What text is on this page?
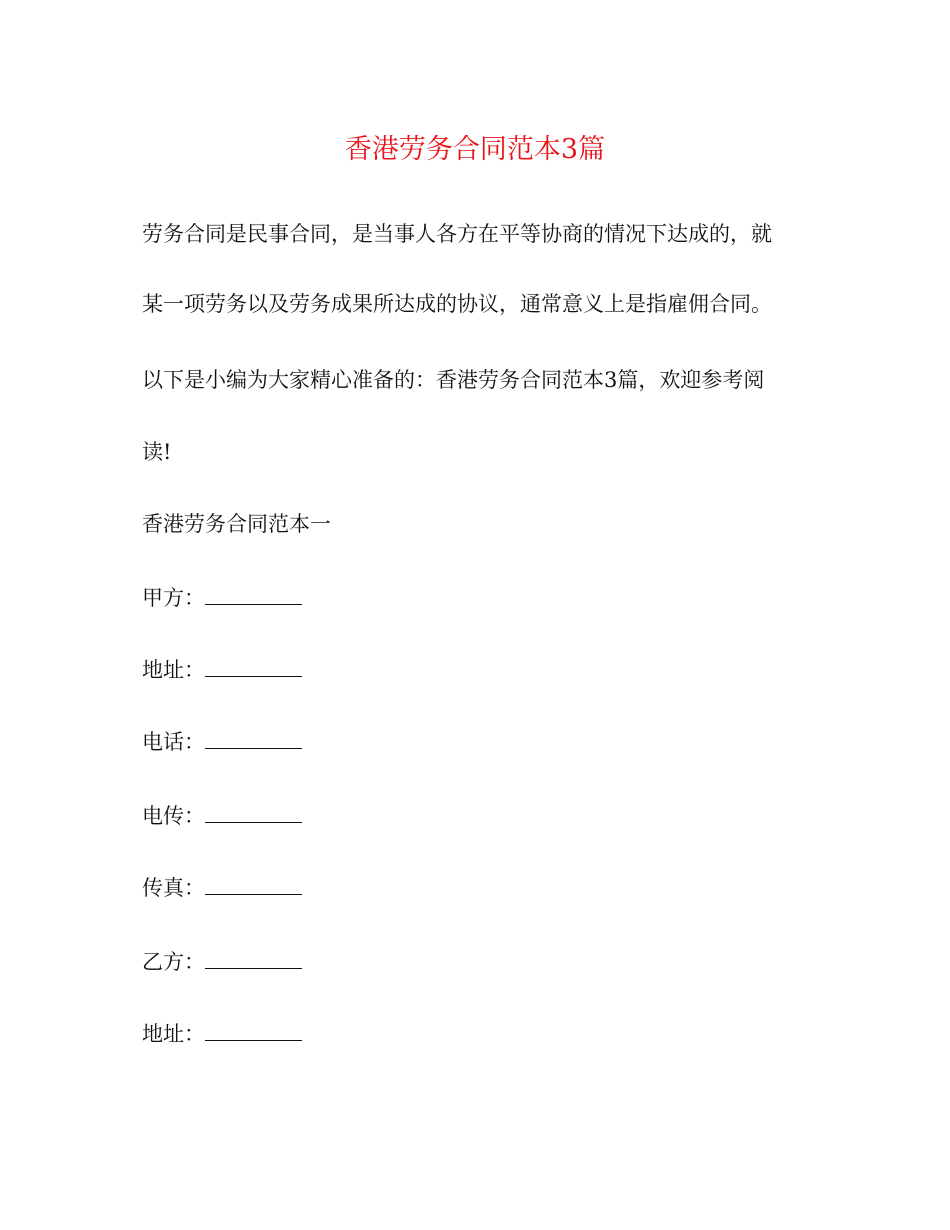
香港劳务合同范本3篇

劳务合同是民事合同，是当事人各方在平等协商的情况下达成的，就

某一项劳务以及劳务成果所达成的协议，通常意义上是指雇佣合同。

以下是小编为大家精心准备的：香港劳务合同范本3篇，欢迎参考阅

读!

香港劳务合同范本一

甲方：

地址：

电话：

电传：

传真：

乙方：

地址：
